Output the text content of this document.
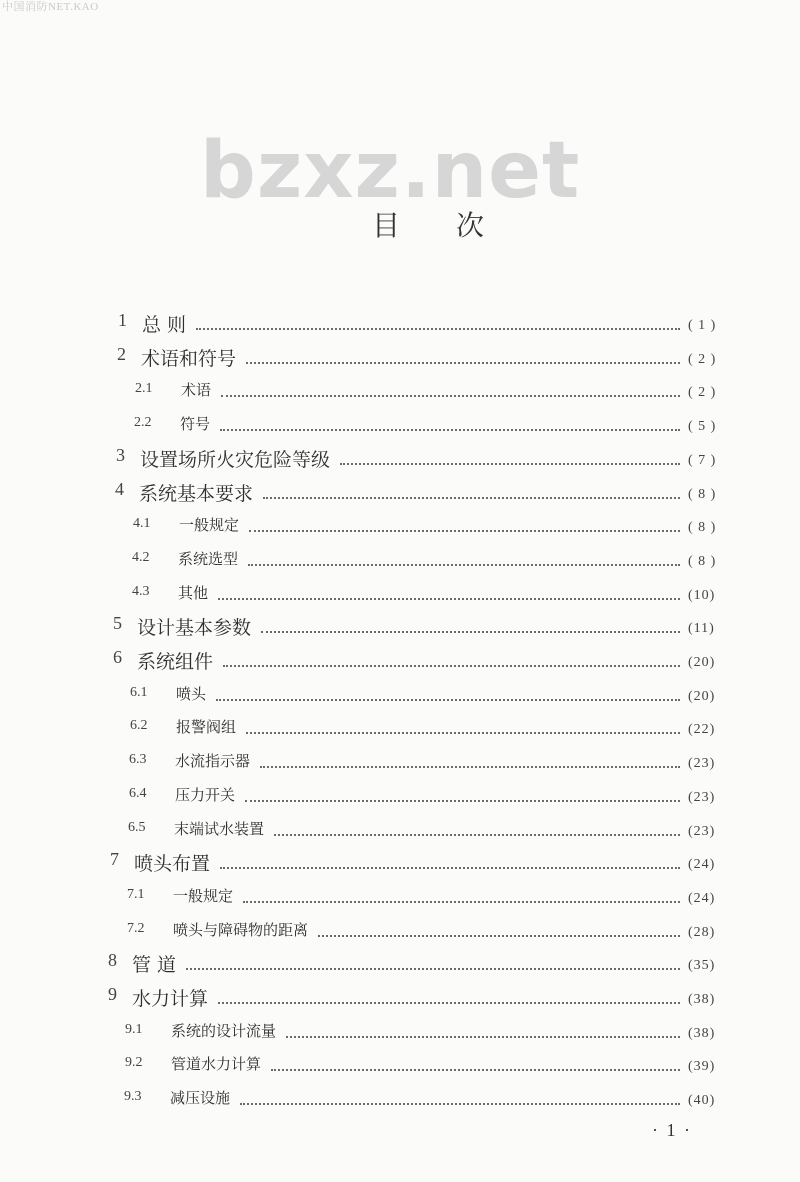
中国消防NET.KAO
bzxz.net
目次
1 总 则	( 1 )
2 术语和符号	( 2 )
2.1 术语	( 2 )
2.2 符号	( 5 )
3 设置场所火灾危险等级	( 7 )
4 系统基本要求	( 8 )
4.1 一般规定	( 8 )
4.2 系统选型	( 8 )
4.3 其他	(10)
5 设计基本参数	(11)
6 系统组件	(20)
6.1 喷头	(20)
6.2 报警阀组	(22)
6.3 水流指示器	(23)
6.4 压力开关	(23)
6.5 末端试水装置	(23)
7 喷头布置	(24)
7.1 一般规定	(24)
7.2 喷头与障碍物的距离	(28)
8 管 道	(35)
9 水力计算	(38)
9.1 系统的设计流量	(38)
9.2 管道水力计算	(39)
9.3 减压设施	(40)
· 1 ·
